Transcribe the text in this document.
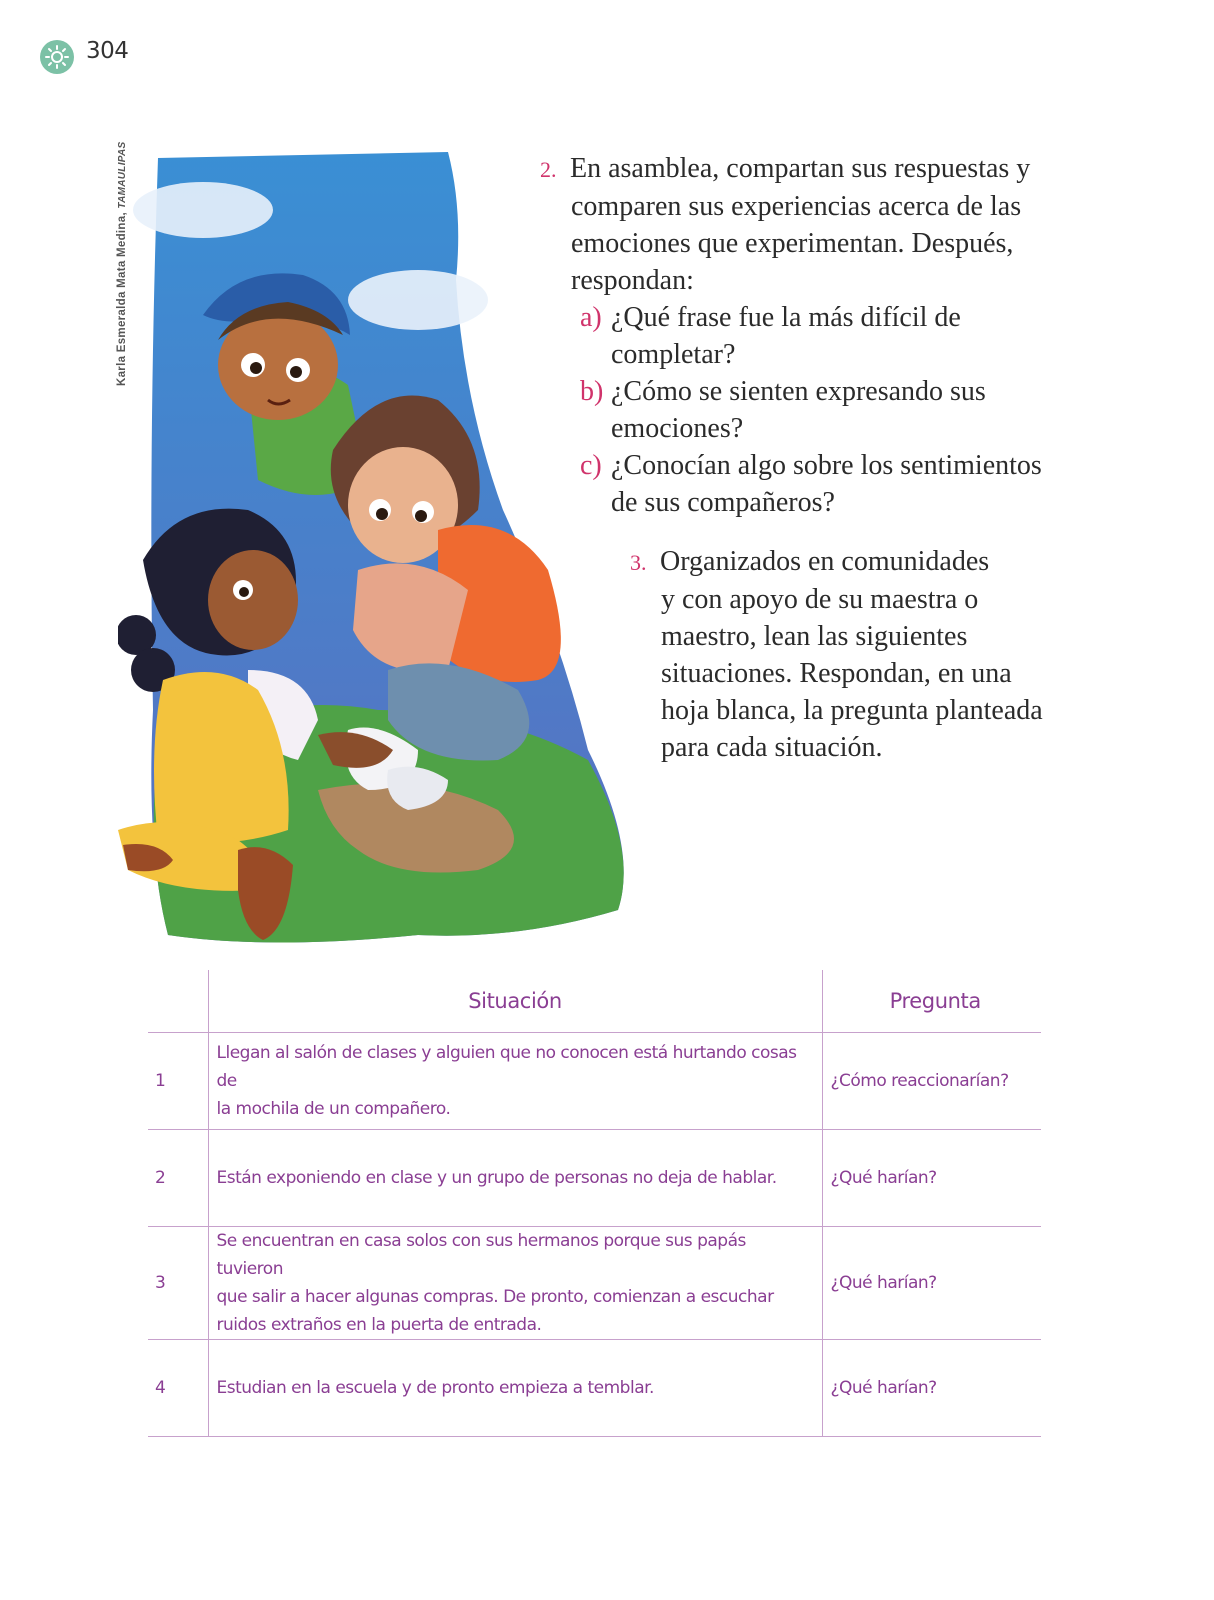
304
Karla Esmeralda Mata Medina, TAMAULIPAS	2. En asamblea, compartan sus respuestas y
comparen sus experiencias acerca de las
emociones que experimentan. Después,
respondan:
a) ¿Qué frase fue la más difícil de
completar?
b) ¿Cómo se sienten expresando sus
emociones?
c) ¿Conocían algo sobre los sentimientos
de sus compañeros?
3. Organizados en comunidades
y con apoyo de su maestra o
maestro, lean las siguientes
situaciones. Respondan, en una
hoja blanca, la pregunta planteada
para cada situación.
	Situación	Pregunta
1	Llegan al salón de clases y alguien que no conocen está hurtando cosas de
la mochila de un compañero.	¿Cómo reaccionarían?
2	Están exponiendo en clase y un grupo de personas no deja de hablar.	¿Qué harían?
3	Se encuentran en casa solos con sus hermanos porque sus papás tuvieron
que salir a hacer algunas compras. De pronto, comienzan a escuchar
ruidos extraños en la puerta de entrada.	¿Qué harían?
4	Estudian en la escuela y de pronto empieza a temblar.	¿Qué harían?
